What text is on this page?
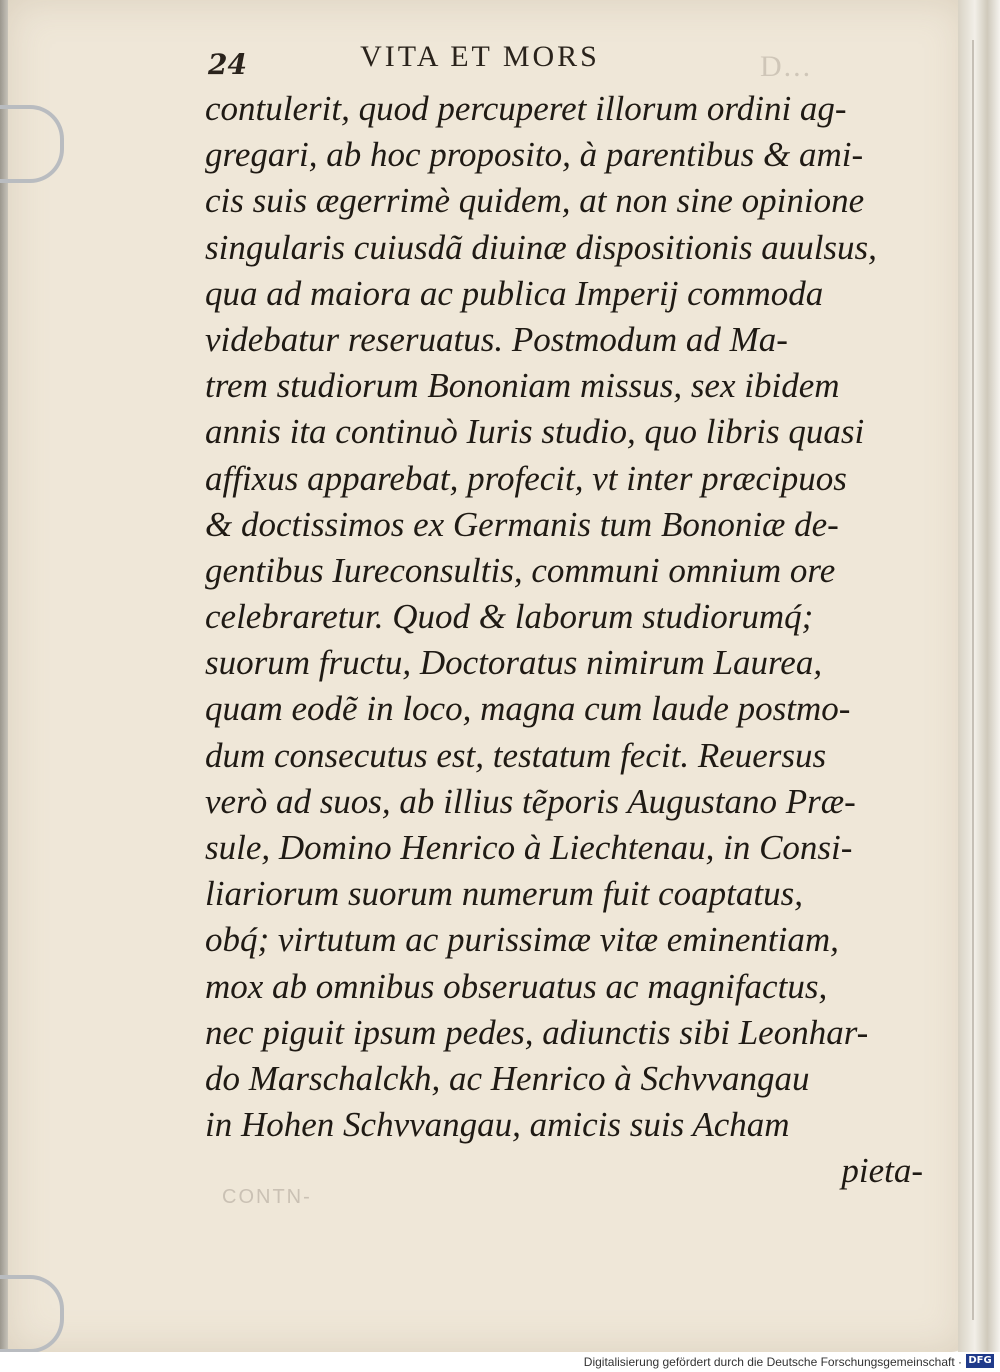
24	VITA ET MORS	D...
contulerit, quod percuperet illorum ordini ag-
gregari, ab hoc proposito, à parentibus & ami-
cis suis ægerrimè quidem, at non sine opinione
singularis cuiusdã diuinæ dispositionis auulsus,
qua ad maiora ac publica Imperij commoda
videbatur reseruatus. Postmodum ad Ma-
trem studiorum Bononiam missus, sex ibidem
annis ita continuò Iuris studio, quo libris quasi
affixus apparebat, profecit, vt inter præcipuos
& doctissimos ex Germanis tum Bononiæ de-
gentibus Iureconsultis, communi omnium ore
celebraretur. Quod & laborum studiorumq́;
suorum fructu, Doctoratus nimirum Laurea,
quam eodẽ in loco, magna cum laude postmo-
dum consecutus est, testatum fecit. Reuersus
verò ad suos, ab illius tẽporis Augustano Præ-
sule, Domino Henrico à Liechtenau, in Consi-
liariorum suorum numerum fuit coaptatus,
obq́; virtutum ac purissimæ vitæ eminentiam,
mox ab omnibus obseruatus ac magnifactus,
nec piguit ipsum pedes, adiunctis sibi Leonhar-
do Marschalckh, ac Henrico à Schvvangau
in Hohen Schvvangau, amicis suis Acham
pieta-
CONTN-
Digitalisierung gefördert durch die Deutsche Forschungsgemeinschaft · DFG
